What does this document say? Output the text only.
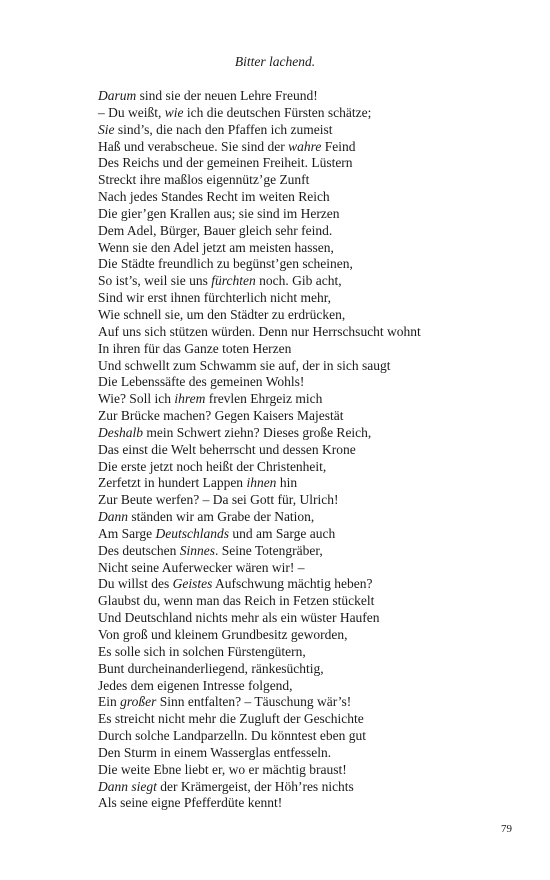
Bitter lachend.
Darum sind sie der neuen Lehre Freund!
– Du weißt, wie ich die deutschen Fürsten schätze;
Sie sind’s, die nach den Pfaffen ich zumeist
Haß und verabscheue. Sie sind der wahre Feind
Des Reichs und der gemeinen Freiheit. Lüstern
Streckt ihre maßlos eigennütz’ge Zunft
Nach jedes Standes Recht im weiten Reich
Die gier’gen Krallen aus; sie sind im Herzen
Dem Adel, Bürger, Bauer gleich sehr feind.
Wenn sie den Adel jetzt am meisten hassen,
Die Städte freundlich zu begünst’gen scheinen,
So ist’s, weil sie uns fürchten noch. Gib acht,
Sind wir erst ihnen fürchterlich nicht mehr,
Wie schnell sie, um den Städter zu erdrücken,
Auf uns sich stützen würden. Denn nur Herrschsucht wohnt
In ihren für das Ganze toten Herzen
Und schwellt zum Schwamm sie auf, der in sich saugt
Die Lebenssäfte des gemeinen Wohls!
Wie? Soll ich ihrem frevlen Ehrgeiz mich
Zur Brücke machen? Gegen Kaisers Majestät
Deshalb mein Schwert ziehn? Dieses große Reich,
Das einst die Welt beherrscht und dessen Krone
Die erste jetzt noch heißt der Christenheit,
Zerfetzt in hundert Lappen ihnen hin
Zur Beute werfen? – Da sei Gott für, Ulrich!
Dann ständen wir am Grabe der Nation,
Am Sarge Deutschlands und am Sarge auch
Des deutschen Sinnes. Seine Totengräber,
Nicht seine Auferwecker wären wir! –
Du willst des Geistes Aufschwung mächtig heben?
Glaubst du, wenn man das Reich in Fetzen stückelt
Und Deutschland nichts mehr als ein wüster Haufen
Von groß und kleinem Grundbesitz geworden,
Es solle sich in solchen Fürstengütern,
Bunt durcheinanderliegend, ränkesüchtig,
Jedes dem eigenen Intresse folgend,
Ein großer Sinn entfalten? – Täuschung wär’s!
Es streicht nicht mehr die Zugluft der Geschichte
Durch solche Landparzelln. Du könntest eben gut
Den Sturm in einem Wasserglas entfesseln.
Die weite Ebne liebt er, wo er mächtig braust!
Dann siegt der Krämergeist, der Höh’res nichts
Als seine eigne Pfefferdüte kennt!
79
